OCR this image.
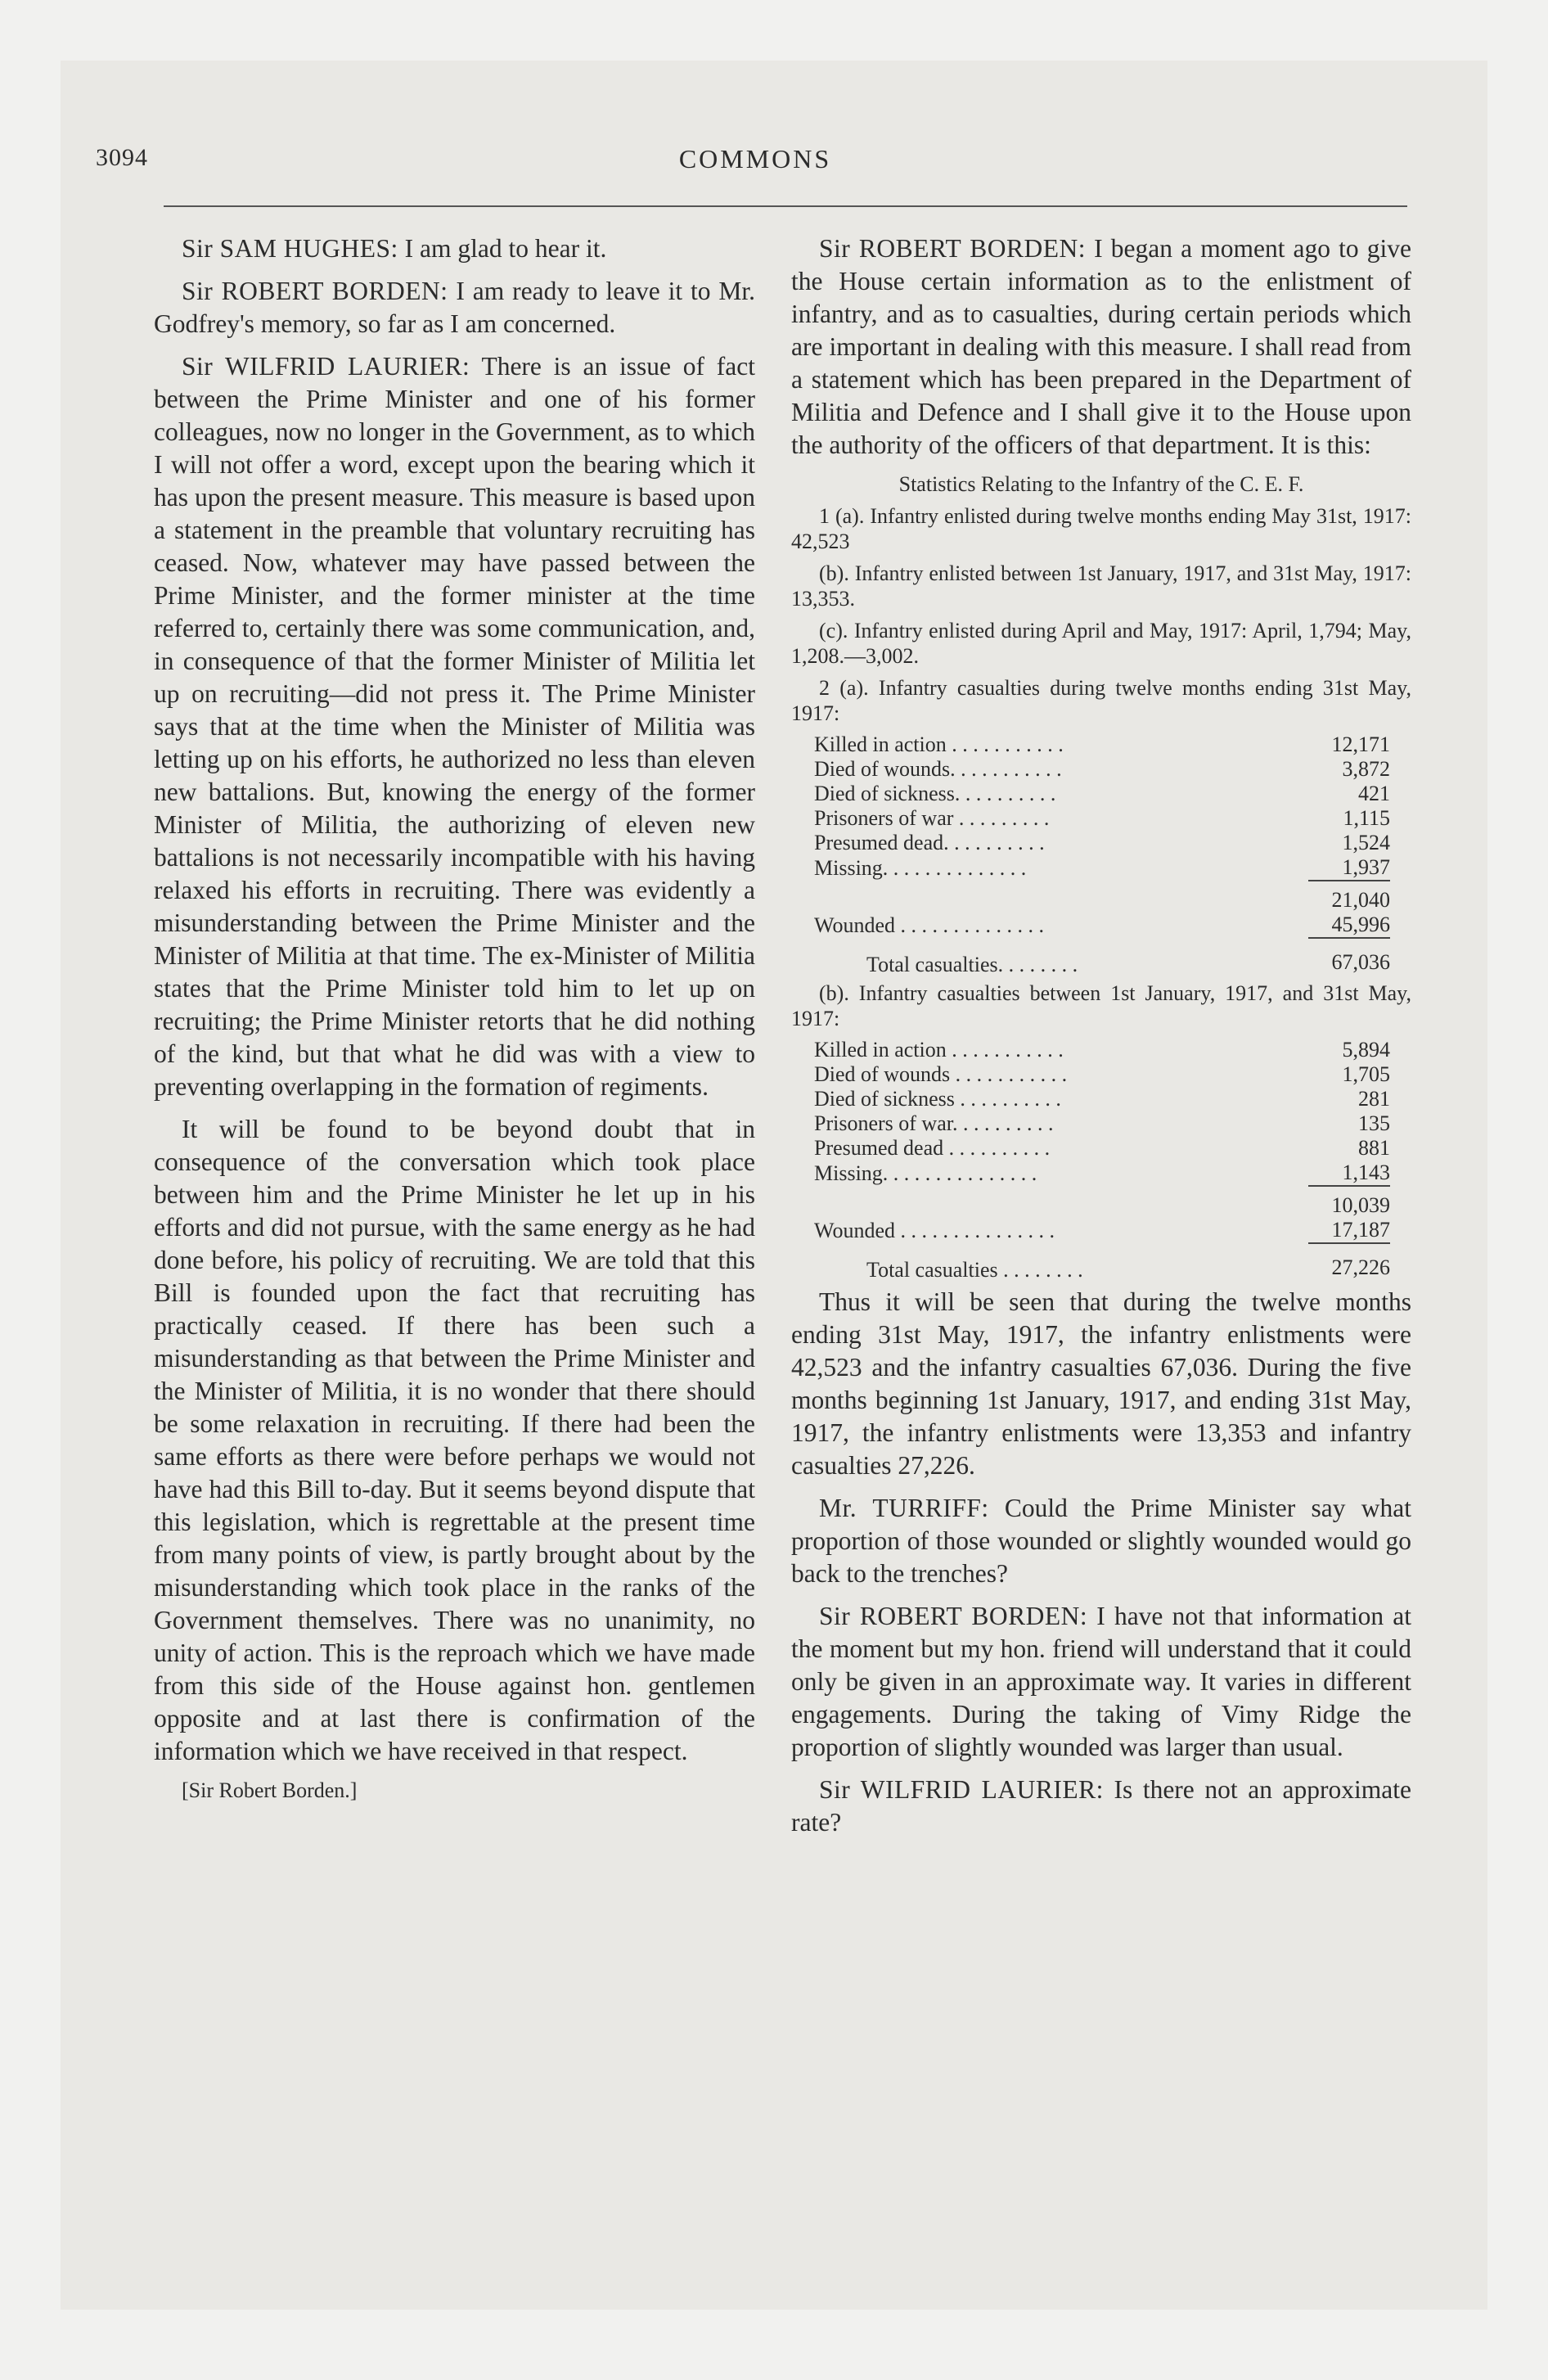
3094	COMMONS

Sir SAM HUGHES: I am glad to hear it.

Sir ROBERT BORDEN: I am ready to leave it to Mr. Godfrey's memory, so far as I am concerned.

Sir WILFRID LAURIER: There is an issue of fact between the Prime Minister and one of his former colleagues, now no longer in the Government, as to which I will not offer a word, except upon the bearing which it has upon the present measure. This measure is based upon a statement in the preamble that voluntary recruiting has ceased. Now, whatever may have passed between the Prime Minister, and the former minister at the time referred to, certainly there was some communication, and, in consequence of that the former Minister of Militia let up on recruiting—did not press it. The Prime Minister says that at the time when the Minister of Militia was letting up on his efforts, he authorized no less than eleven new battalions. But, knowing the energy of the former Minister of Militia, the authorizing of eleven new battalions is not necessarily incompatible with his having relaxed his efforts in recruiting. There was evidently a misunderstanding between the Prime Minister and the Minister of Militia at that time. The ex-Minister of Militia states that the Prime Minister told him to let up on recruiting; the Prime Minister retorts that he did nothing of the kind, but that what he did was with a view to preventing overlapping in the formation of regiments.

It will be found to be beyond doubt that in consequence of the conversation which took place between him and the Prime Minister he let up in his efforts and did not pursue, with the same energy as he had done before, his policy of recruiting. We are told that this Bill is founded upon the fact that recruiting has practically ceased. If there has been such a misunderstanding as that between the Prime Minister and the Minister of Militia, it is no wonder that there should be some relaxation in recruiting. If there had been the same efforts as there were before perhaps we would not have had this Bill to-day. But it seems beyond dispute that this legislation, which is regrettable at the present time from many points of view, is partly brought about by the misunderstanding which took place in the ranks of the Government themselves. There was no unanimity, no unity of action. This is the reproach which we have made from this side of the House against hon. gentlemen opposite and at last there is confirmation of the information which we have received in that respect.

[Sir Robert Borden.]

Sir ROBERT BORDEN: I began a moment ago to give the House certain information as to the enlistment of infantry, and as to casualties, during certain periods which are important in dealing with this measure. I shall read from a statement which has been prepared in the Department of Militia and Defence and I shall give it to the House upon the authority of the officers of that department. It is this:

Statistics Relating to the Infantry of the C. E. F.

1 (a). Infantry enlisted during twelve months ending May 31st, 1917: 42,523

(b). Infantry enlisted between 1st January, 1917, and 31st May, 1917: 13,353.

(c). Infantry enlisted during April and May, 1917: April, 1,794; May, 1,208.—3,002.

2 (a). Infantry casualties during twelve months ending 31st May, 1917:

Killed in action . . . . . . . . . . .	12,171
Died of wounds. . . . . . . . . . .	3,872
Died of sickness. . . . . . . . . .	421
Prisoners of war . . . . . . . . .	1,115
Presumed dead. . . . . . . . . .	1,524
Missing. . . . . . . . . . . . . .	1,937
	21,040
Wounded . . . . . . . . . . . . . .	45,996
Total casualties. . . . . . . .	67,036

(b). Infantry casualties between 1st January, 1917, and 31st May, 1917:

Killed in action . . . . . . . . . . .	5,894
Died of wounds . . . . . . . . . . .	1,705
Died of sickness . . . . . . . . . .	281
Prisoners of war. . . . . . . . . .	135
Presumed dead . . . . . . . . . .	881
Missing. . . . . . . . . . . . . . .	1,143
	10,039
Wounded . . . . . . . . . . . . . . .	17,187
Total casualties . . . . . . . .	27,226

Thus it will be seen that during the twelve months ending 31st May, 1917, the infantry enlistments were 42,523 and the infantry casualties 67,036. During the five months beginning 1st January, 1917, and ending 31st May, 1917, the infantry enlistments were 13,353 and infantry casualties 27,226.

Mr. TURRIFF: Could the Prime Minister say what proportion of those wounded or slightly wounded would go back to the trenches?

Sir ROBERT BORDEN: I have not that information at the moment but my hon. friend will understand that it could only be given in an approximate way. It varies in different engagements. During the taking of Vimy Ridge the proportion of slightly wounded was larger than usual.

Sir WILFRID LAURIER: Is there not an approximate rate?
